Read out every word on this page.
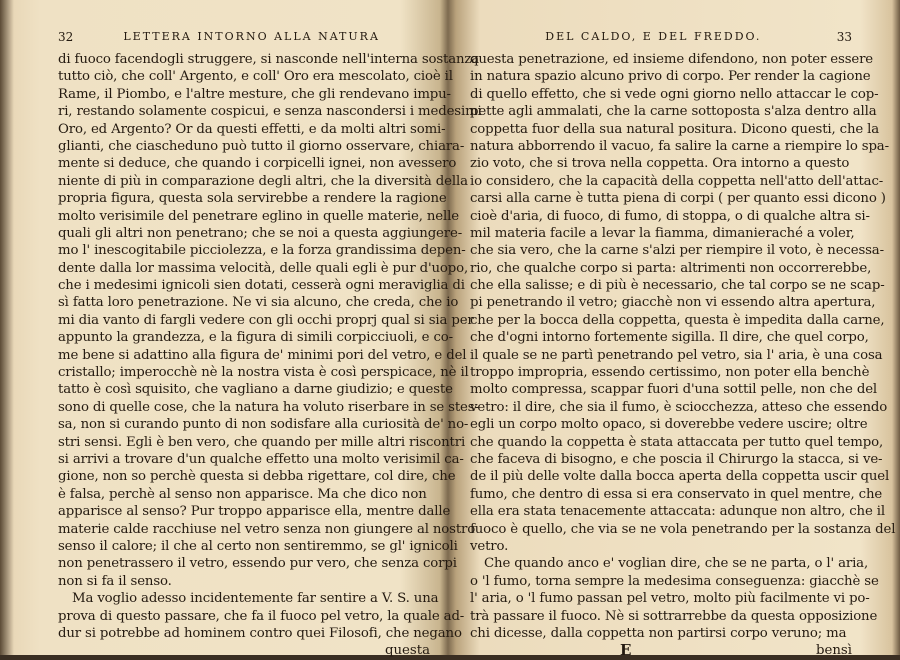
32	LETTERA INTORNO ALLA NATURA
di fuoco facendogli struggere, si nasconde nell'interna sostanza
tutto ciò, che coll' Argento, e coll' Oro era mescolato, cioè il
Rame, il Piombo, e l'altre mesture, che gli rendevano impu-
ri, restando solamente cospicui, e senza nascondersi i medesimi
Oro, ed Argento? Or da questi effetti, e da molti altri somi-
glianti, che ciascheduno può tutto il giorno osservare, chiara-
mente si deduce, che quando i corpicelli ignei, non avessero
niente di più in comparazione degli altri, che la diversità della
propria figura, questa sola servirebbe a rendere la ragione
molto verisimile del penetrare eglino in quelle materie, nelle
quali gli altri non penetrano; che se noi a questa aggiungere-
mo l' inescogitabile picciolezza, e la forza grandissima depen-
dente dalla lor massima velocità, delle quali egli è pur d'uopo,
che i medesimi ignicoli sien dotati, cesserà ogni meraviglia di
sì fatta loro penetrazione. Ne vi sia alcuno, che creda, che io
mi dia vanto di fargli vedere con gli occhi proprj qual si sia per
appunto la grandezza, e la figura di simili corpicciuoli, e co-
me bene si adattino alla figura de' minimi pori del vetro, e del
cristallo; imperocchè nè la nostra vista è così perspicace, nè il
tatto è così squisito, che vagliano a darne giudizio; e queste
sono di quelle cose, che la natura ha voluto riserbare in se stes-
sa, non si curando punto di non sodisfare alla curiosità de' no-
stri sensi. Egli è ben vero, che quando per mille altri riscontri
si arrivi a trovare d'un qualche effetto una molto verisimil ca-
gione, non so perchè questa si debba rigettare, col dire, che
è falsa, perchè al senso non apparisce. Ma che dico non
apparisce al senso? Pur troppo apparisce ella, mentre dalle
materie calde racchiuse nel vetro senza non giungere al nostro
senso il calore; il che al certo non sentiremmo, se gl' ignicoli
non penetrassero il vetro, essendo pur vero, che senza corpi
non si fa il senso.
Ma voglio adesso incidentemente far sentire a V. S. una
prova di questo passare, che fa il fuoco pel vetro, la quale ad-
dur si potrebbe ad hominem contro quei Filosofi, che negano
questa
DEL CALDO, E DEL FREDDO.	33
questa penetrazione, ed insieme difendono, non poter essere
in natura spazio alcuno privo di corpo. Per render la cagione
di quello effetto, che si vede ogni giorno nello attaccar le cop-
pette agli ammalati, che la carne sottoposta s'alza dentro alla
coppetta fuor della sua natural positura. Dicono questi, che la
natura abborrendo il vacuo, fa salire la carne a riempire lo spa-
zio voto, che si trova nella coppetta. Ora intorno a questo
io considero, che la capacità della coppetta nell'atto dell'attac-
carsi alla carne è tutta piena di corpi ( per quanto essi dicono )
cioè d'aria, di fuoco, di fumo, di stoppa, o di qualche altra si-
mil materia facile a levar la fiamma, dimanieraché a voler,
che sia vero, che la carne s'alzi per riempire il voto, è necessa-
rio, che qualche corpo si parta: altrimenti non occorrerebbe,
che ella salisse; e di più è necessario, che tal corpo se ne scap-
pi penetrando il vetro; giacchè non vi essendo altra apertura,
che per la bocca della coppetta, questa è impedita dalla carne,
che d'ogni intorno fortemente sigilla. Il dire, che quel corpo,
il quale se ne partì penetrando pel vetro, sia l' aria, è una cosa
troppo impropria, essendo certissimo, non poter ella benchè
molto compressa, scappar fuori d'una sottil pelle, non che del
vetro: il dire, che sia il fumo, è sciocchezza, atteso che essendo
egli un corpo molto opaco, si doverebbe vedere uscire; oltre
che quando la coppetta è stata attaccata per tutto quel tempo,
che faceva di bisogno, e che poscia il Chirurgo la stacca, si ve-
de il più delle volte dalla bocca aperta della coppetta uscir quel
fumo, che dentro di essa si era conservato in quel mentre, che
ella era stata tenacemente attaccata: adunque non altro, che il
fuoco è quello, che via se ne vola penetrando per la sostanza del
vetro.
Che quando anco e' voglian dire, che se ne parta, o l' aria,
o 'l fumo, torna sempre la medesima conseguenza: giacchè se
l' aria, o 'l fumo passan pel vetro, molto più facilmente vi po-
trà passare il fuoco. Nè si sottrarrebbe da questa opposizione
chi dicesse, dalla coppetta non partirsi corpo veruno; ma
E	bensì
